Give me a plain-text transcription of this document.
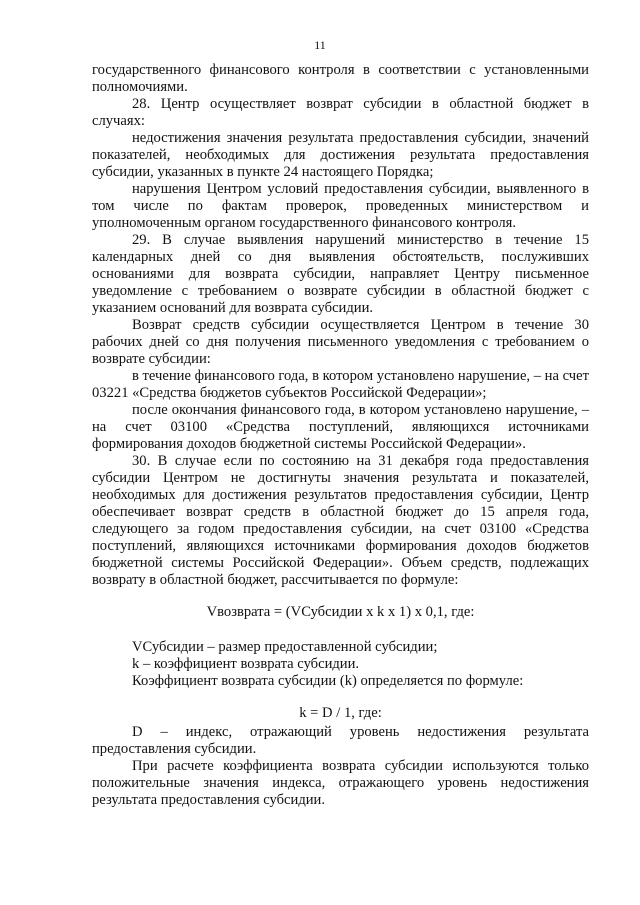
11

государственного финансового контроля в соответствии с установленными полномочиями.

28. Центр осуществляет возврат субсидии в областной бюджет в случаях:

недостижения значения результата предоставления субсидии, значений показателей, необходимых для достижения результата предоставления субсидии, указанных в пункте 24 настоящего Порядка;

нарушения Центром условий предоставления субсидии, выявленного в том числе по фактам проверок, проведенных министерством и уполномоченным органом государственного финансового контроля.

29. В случае выявления нарушений министерство в течение 15 календарных дней со дня выявления обстоятельств, послуживших основаниями для возврата субсидии, направляет Центру письменное уведомление с требованием о возврате субсидии в областной бюджет с указанием оснований для возврата субсидии.

Возврат средств субсидии осуществляется Центром в течение 30 рабочих дней со дня получения письменного уведомления с требованием о возврате субсидии:

в течение финансового года, в котором установлено нарушение, – на счет 03221 «Средства бюджетов субъектов Российской Федерации»;

после окончания финансового года, в котором установлено нарушение, – на счет 03100 «Средства поступлений, являющихся источниками формирования доходов бюджетной системы Российской Федерации».

30. В случае если по состоянию на 31 декабря года предоставления субсидии Центром не достигнуты значения результата и показателей, необходимых для достижения результатов предоставления субсидии, Центр обеспечивает возврат средств в областной бюджет до 15 апреля года, следующего за годом предоставления субсидии, на счет 03100 «Средства поступлений, являющихся источниками формирования доходов бюджетов бюджетной системы Российской Федерации». Объем средств, подлежащих возврату в областной бюджет, рассчитывается по формуле:

Vвозврата = (VСубсидии x k x 1) x 0,1, где:

VСубсидии – размер предоставленной субсидии;

k – коэффициент возврата субсидии.

Коэффициент возврата субсидии (k) определяется по формуле:

k = D / 1, где:

D – индекс, отражающий уровень недостижения результата предоставления субсидии.

При расчете коэффициента возврата субсидии используются только положительные значения индекса, отражающего уровень недостижения результата предоставления субсидии.
